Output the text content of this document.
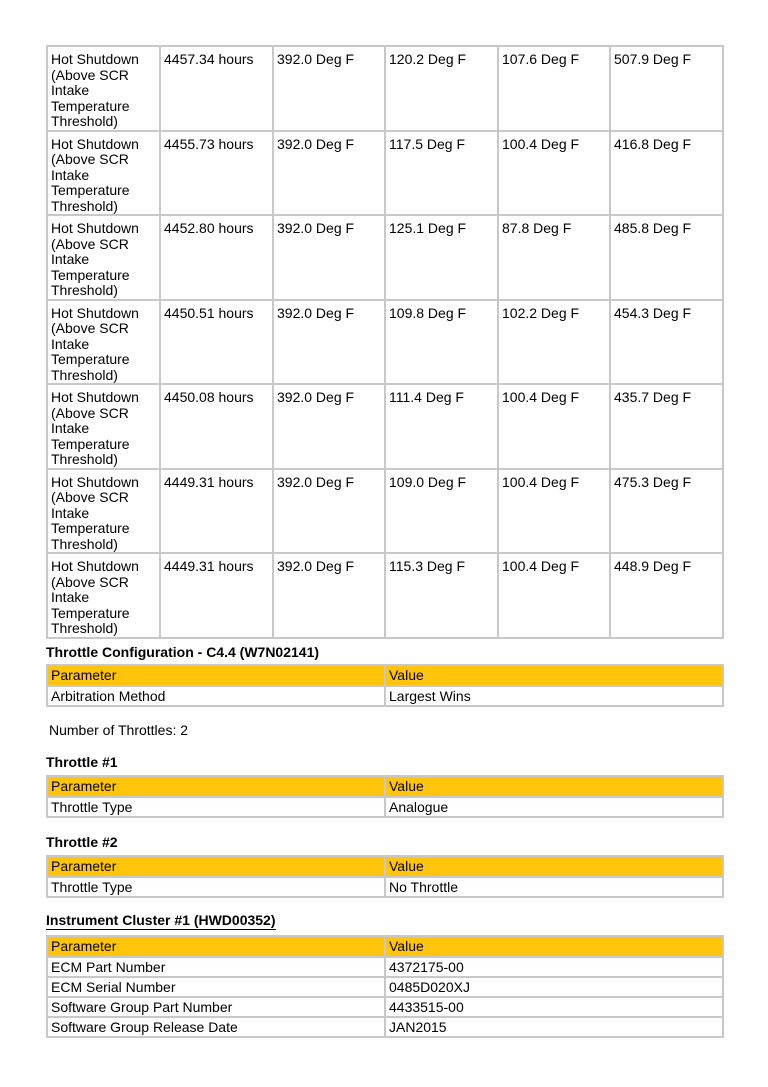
Hot Shutdown (Above SCR Intake Temperature Threshold)	4457.34 hours	392.0 Deg F	120.2 Deg F	107.6 Deg F	507.9 Deg F
Hot Shutdown (Above SCR Intake Temperature Threshold)	4455.73 hours	392.0 Deg F	117.5 Deg F	100.4 Deg F	416.8 Deg F
Hot Shutdown (Above SCR Intake Temperature Threshold)	4452.80 hours	392.0 Deg F	125.1 Deg F	87.8 Deg F	485.8 Deg F
Hot Shutdown (Above SCR Intake Temperature Threshold)	4450.51 hours	392.0 Deg F	109.8 Deg F	102.2 Deg F	454.3 Deg F
Hot Shutdown (Above SCR Intake Temperature Threshold)	4450.08 hours	392.0 Deg F	111.4 Deg F	100.4 Deg F	435.7 Deg F
Hot Shutdown (Above SCR Intake Temperature Threshold)	4449.31 hours	392.0 Deg F	109.0 Deg F	100.4 Deg F	475.3 Deg F
Hot Shutdown (Above SCR Intake Temperature Threshold)	4449.31 hours	392.0 Deg F	115.3 Deg F	100.4 Deg F	448.9 Deg F
Throttle Configuration - C4.4 (W7N02141)
Parameter	Value
Arbitration Method	Largest Wins

Number of Throttles: 2

Throttle #1
Parameter	Value
Throttle Type	Analogue
Throttle #2
Parameter	Value
Throttle Type	No Throttle
Instrument Cluster #1 (HWD00352)
Parameter	Value
ECM Part Number	4372175-00
ECM Serial Number	0485D020XJ
Software Group Part Number	4433515-00
Software Group Release Date	JAN2015
